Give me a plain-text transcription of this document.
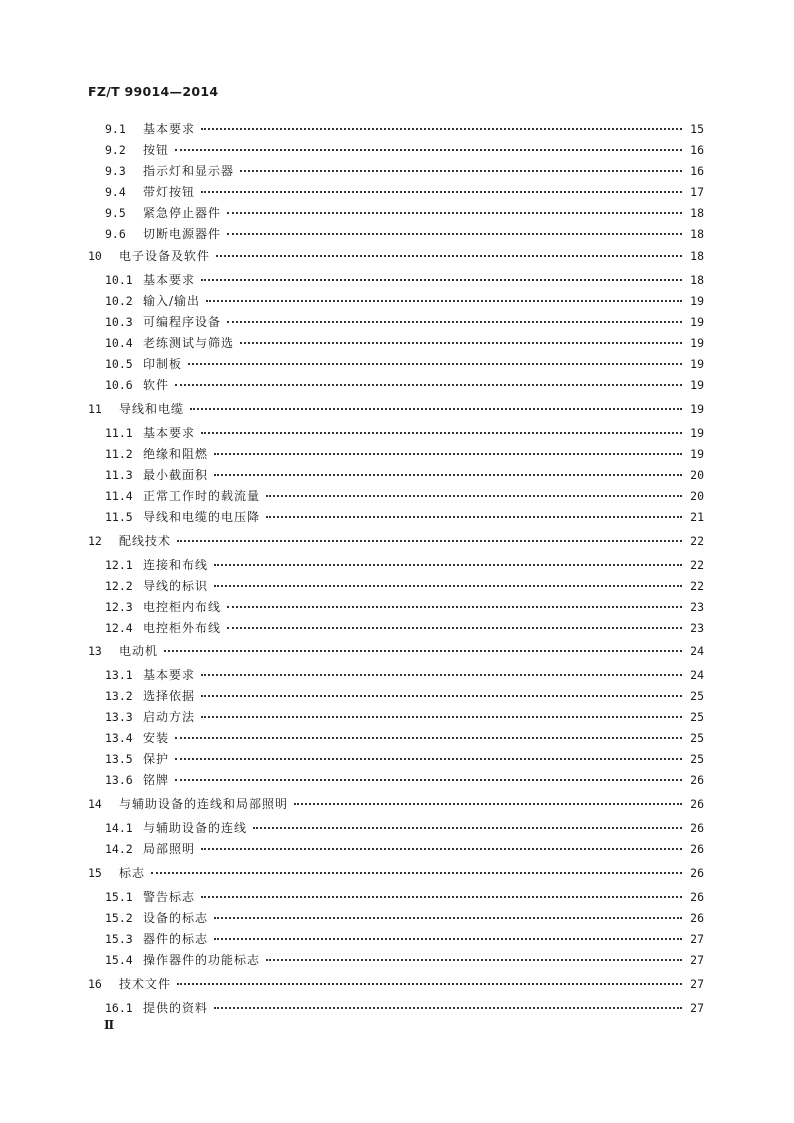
FZ/T 99014—2014
9.1	基本要求	15
9.2	按钮	16
9.3	指示灯和显示器	16
9.4	带灯按钮	17
9.5	紧急停止器件	18
9.6	切断电源器件	18
10	电子设备及软件	18
10.1 基本要求	18
10.2 输入/输出	19
10.3 可编程序设备	19
10.4 老练测试与筛选	19
10.5 印制板	19
10.6 软件	19
11	导线和电缆	19
11.1 基本要求	19
11.2 绝缘和阻燃	19
11.3 最小截面积	20
11.4 正常工作时的载流量	20
11.5 导线和电缆的电压降	21
12	配线技术	22
12.1 连接和布线	22
12.2 导线的标识	22
12.3 电控柜内布线	23
12.4 电控柜外布线	23
13	电动机	24
13.1 基本要求	24
13.2 选择依据	25
13.3 启动方法	25
13.4 安装	25
13.5 保护	25
13.6 铭牌	26
14	与辅助设备的连线和局部照明	26
14.1 与辅助设备的连线	26
14.2 局部照明	26
15	标志	26
15.1 警告标志	26
15.2 设备的标志	26
15.3 器件的标志	27
15.4 操作器件的功能标志	27
16	技术文件	27
16.1 提供的资料	27
Ⅱ
